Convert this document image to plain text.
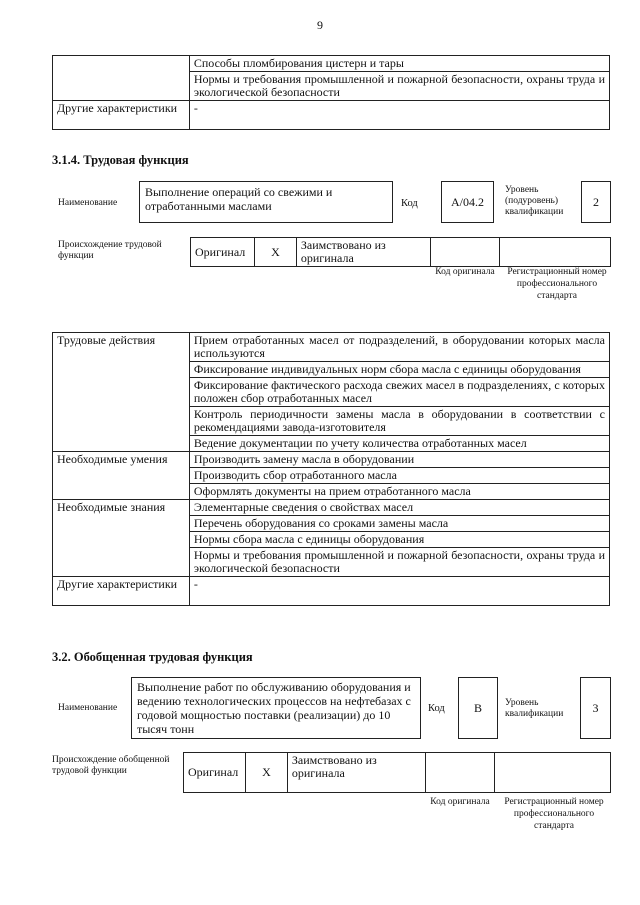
9
	Способы пломбирования цистерн и тары
	Нормы и требования промышленной и пожарной безопасности, охраны труда и экологической безопасности
Другие характеристики	-
3.1.4. Трудовая функция
Наименование
Выполнение операций со свежими и отработанными маслами	Код	A/04.2
Уровень (подуровень) квалификации
2
Происхождение трудовой функции	Оригинал	X	Заимствовано из оригинала		
Код оригинала	Регистрационный номер профессионального стандарта
Трудовые действия	Прием отработанных масел от подразделений, в оборудовании которых масла используются
	Фиксирование индивидуальных норм сбора масла с единицы оборудования
	Фиксирование фактического расхода свежих масел в подразделениях, с которых положен сбор отработанных масел
	Контроль периодичности замены масла в оборудовании в соответствии с рекомендациями завода-изготовителя
	Ведение документации по учету количества отработанных масел
Необходимые умения	Производить замену масла в оборудовании
	Производить сбор отработанного масла
	Оформлять документы на прием отработанного масла
Необходимые знания	Элементарные сведения о свойствах масел
	Перечень оборудования со сроками замены масла
	Нормы сбора масла с единицы оборудования
	Нормы и требования промышленной и пожарной безопасности, охраны труда и экологической безопасности
Другие характеристики	-
3.2. Обобщенная трудовая функция
Наименование
Выполнение работ по обслуживанию оборудования и ведению технологических процессов на нефтебазах с годовой мощностью поставки (реализации) до 10 тысяч тонн
Код	B	Уровень квалификации	3
Происхождение обобщенной трудовой функции	Оригинал	X	Заимствовано из оригинала		
Код оригинала	Регистрационный номер профессионального стандарта
